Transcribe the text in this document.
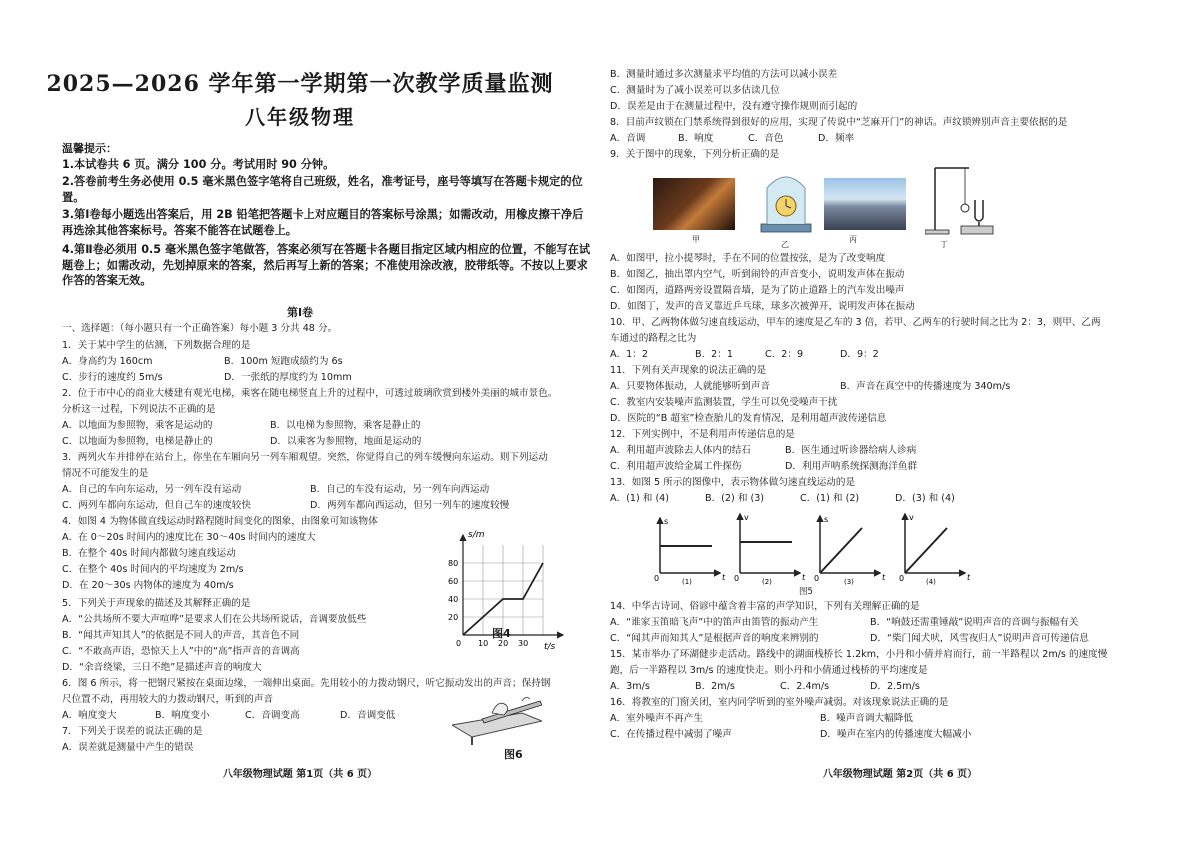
2025—2026 学年第一学期第一次教学质量监测
八年级物理
温馨提示：
1.本试卷共 6 页。满分 100 分。考试用时 90 分钟。
2.答卷前考生务必使用 0.5 毫米黑色签字笔将自己班级，姓名，准考证号，座号等填写在答题卡规定的位置。
3.第Ⅰ卷每小题选出答案后，用 2B 铅笔把答题卡上对应题目的答案标号涂黑；如需改动，用橡皮擦干净后再选涂其他答案标号。答案不能答在试题卷上。
4.第Ⅱ卷必须用 0.5 毫米黑色签字笔做答，答案必须写在答题卡各题目指定区域内相应的位置，不能写在试题卷上；如需改动，先划掉原来的答案，然后再写上新的答案；不准使用涂改液，胶带纸等。不按以上要求作答的答案无效。
第Ⅰ卷
一、选择题：（每小题只有一个正确答案）每小题 3 分共 48 分。
1．关于某中学生的估测，下列数据合理的是
A．身高约为 160cm	B．100m 短跑成绩约为 6s
C．步行的速度约 5m/s	D．一张纸的厚度约为 10mm
2．位于市中心的商业大楼建有观光电梯，乘客在随电梯竖直上升的过程中，可透过玻璃欣赏到楼外美丽的城市景色。
分析这一过程，下列说法不正确的是
A．以地面为参照物，乘客是运动的	B．以电梯为参照物，乘客是静止的
C．以地面为参照物，电梯是静止的	D．以乘客为参照物，地面是运动的
3．两列火车并排停在站台上，你坐在车厢向另一列车厢观望。突然，你觉得自己的列车缓慢向东运动。则下列运动
情况不可能发生的是
A．自己的车向东运动，另一列车没有运动	B．自己的车没有运动，另一列车向西运动
C．两列车都向东运动，但自己车的速度较快	D．两列车都向西运动，但另一列车的速度较慢
4．如图 4 为物体做直线运动时路程随时间变化的图象，由图象可知该物体
A．在 0～20s 时间内的速度比在 30～40s 时间内的速度大
B．在整个 40s 时间内都做匀速直线运动
C．在整个 40s 时间内的平均速度为 2m/s
D．在 20～30s 内物体的速度为 40m/s
5．下列关于声现象的描述及其解释正确的是
A．“公共场所不要大声喧哗”是要求人们在公共场所说话，音调要放低些
B．“闻其声知其人”的依据是不同人的声音，其音色不同
C．“不敢高声语，恐惊天上人”中的“高”指声音的音调高
D．“余音绕梁，三日不绝”是描述声音的响度大
6．图 6 所示，将一把钢尺紧按在桌面边缘，一端伸出桌面。先用较小的力拨动钢尺，听它振动发出的声音；保持钢
尺位置不动，再用较大的力拨动钢尺，听到的声音
A．响度变大	B．响度变小	C．音调变高	D．音调变低
7．下列关于误差的说法正确的是
A．误差就是测量中产生的错误
s/m
t/s
20
40
60
80
0 10 20 30
图4
图6
八年级物理试题 第1页（共 6 页）
B．测量时通过多次测量求平均值的方法可以减小误差
C．测量时为了减小误差可以多估读几位
D．误差是由于在测量过程中，没有遵守操作规则而引起的
8．目前声纹锁在门禁系统得到很好的应用，实现了传说中“芝麻开门”的神话。声纹锁辨别声音主要依据的是
A．音调	B．响度	C．音色	D．频率
9．关于图中的现象，下列分析正确的是
甲
乙
丙
丁
A．如图甲，拉小提琴时，手在不同的位置按弦，是为了改变响度
B．如图乙，抽出罩内空气，听到闹铃的声音变小，说明发声体在振动
C．如图丙，道路两旁设置隔音墙，是为了防止道路上的汽车发出噪声
D．如图丁，发声的音叉靠近乒乓球，球多次被弹开，说明发声体在振动
10．甲、乙两物体做匀速直线运动，甲车的速度是乙车的 3 倍，若甲、乙两车的行驶时间之比为 2：3，则甲、乙两
车通过的路程之比为
A．1：2	B．2：1	C．2：9	D．9：2
11．下列有关声现象的说法正确的是
A．只要物体振动，人就能够听到声音	B．声音在真空中的传播速度为 340m/s
C．教室内安装噪声监测装置，学生可以免受噪声干扰
D．医院的“B 超室”检查胎儿的发育情况，是利用超声波传递信息
12．下列实例中，不是利用声传递信息的是
A．利用超声波除去人体内的结石	B．医生通过听诊器给病人诊病
C．利用超声波给金属工件探伤	D．利用声呐系统探测海洋鱼群
13．如图 5 所示的图像中，表示物体做匀速直线运动的是
A．(1) 和 (4)	B．(2) 和 (3)	C．(1) 和 (2)	D．(3) 和 (4)
s
0	t
(1)
v
0	t
(2)
s
0	t
(3)
v
0	t
(4)
图5
14．中华古诗词、俗谚中蕴含着丰富的声学知识，下列有关理解正确的是
A．“谁家玉笛暗飞声”中的笛声由笛管的振动产生	B．“响鼓还需重锤敲”说明声音的音调与振幅有关
C．“闻其声而知其人”是根据声音的响度来辨别的	D．“柴门闻犬吠，风雪夜归人”说明声音可传递信息
15．某市举办了环湖健步走活动。路线中的湖面栈桥长 1.2km，小丹和小倩并肩而行，前一半路程以 2m/s 的速度慢
跑，后一半路程以 3m/s 的速度快走。则小丹和小倩通过栈桥的平均速度是
A．3m/s	B．2m/s	C．2.4m/s	D．2.5m/s
16．将教室的门窗关闭，室内同学听到的室外噪声减弱。对该现象说法正确的是
A．室外噪声不再产生	B．噪声音调大幅降低
C．在传播过程中减弱了噪声	D．噪声在室内的传播速度大幅减小
八年级物理试题 第2页（共 6 页）
